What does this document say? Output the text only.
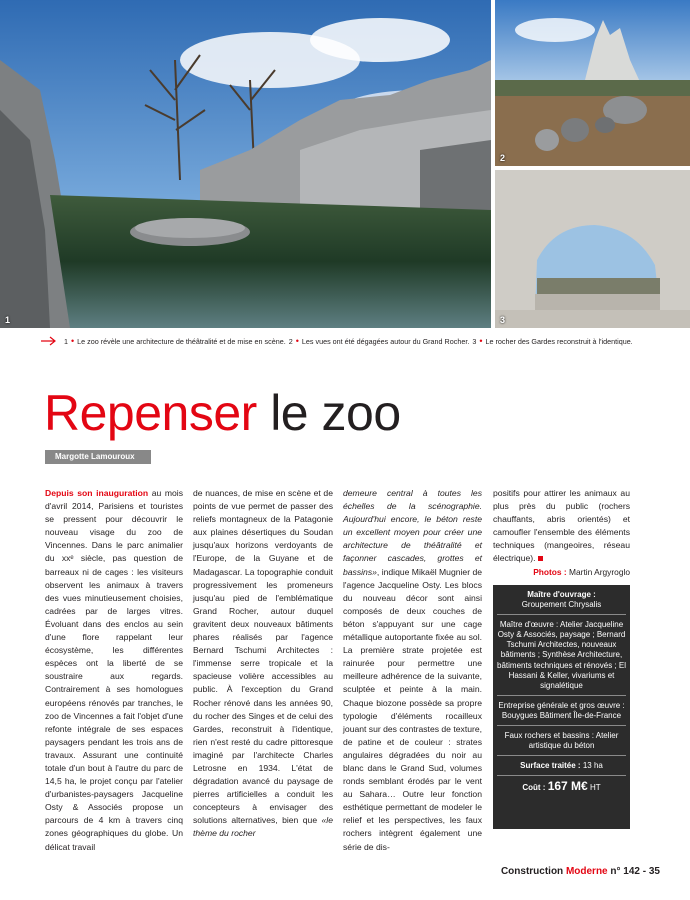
1
2
3
1 • Le zoo révèle une architecture de théâtralité et de mise en scène. 2 • Les vues ont été dégagées autour du Grand Rocher. 3 • Le rocher des Gardes reconstruit à l'identique.
Repenser le zoo
Margotte Lamouroux

Depuis son inauguration au mois d'avril 2014, Parisiens et touristes se pressent pour découvrir le nouveau visage du zoo de Vincennes. Dans le parc animalier du xxᵉ siècle, pas question de barreaux ni de cages : les visiteurs observent les animaux à travers des vues minutieusement choisies, cadrées par de larges vitres. Évoluant dans des enclos au sein d'une flore rappelant leur écosystème, les différentes espèces ont la liberté de se soustraire aux regards. Contrairement à ses homologues européens rénovés par tranches, le zoo de Vincennes a fait l'objet d'une refonte intégrale de ses espaces paysagers pendant les trois ans de travaux. Assurant une continuité totale d'un bout à l'autre du parc de 14,5 ha, le projet conçu par l'atelier d'urbanistes-paysagers Jacqueline Osty & Associés propose un parcours de 4 km à travers cinq zones géographiques du globe. Un délicat travail

de nuances, de mise en scène et de points de vue permet de passer des reliefs montagneux de la Patagonie aux plaines désertiques du Soudan jusqu'aux horizons verdoyants de l'Europe, de la Guyane et de Madagascar. La topographie conduit progressivement les promeneurs jusqu'au pied de l'emblématique Grand Rocher, autour duquel gravitent deux nouveaux bâtiments phares réalisés par l'agence Bernard Tschumi Architectes : l'immense serre tropicale et la spacieuse volière accessibles au public. À l'exception du Grand Rocher rénové dans les années 90, du rocher des Singes et de celui des Gardes, reconstruit à l'identique, rien n'est resté du cadre pittoresque imaginé par l'architecte Charles Letrosne en 1934. L'état de dégradation avancé du paysage de pierres artificielles a conduit les concepteurs à envisager des solutions alternatives, bien que «le thème du rocher

demeure central à toutes les échelles de la scénographie. Aujourd'hui encore, le béton reste un excellent moyen pour créer une architecture de théâtralité et façonner cascades, grottes et bassins», indique Mikaël Mugnier de l'agence Jacqueline Osty. Les blocs du nouveau décor sont ainsi composés de deux couches de béton s'appuyant sur une cage métallique autoportante fixée au sol. La première strate projetée est rainurée pour permettre une meilleure adhérence de la suivante, sculptée et peinte à la main. Chaque biozone possède sa propre typologie d'éléments rocailleux jouant sur des contrastes de texture, de patine et de couleur : strates angulaires dégradées du noir au blanc dans le Grand Sud, volumes ronds semblant érodés par le vent au Sahara… Outre leur fonction esthétique permettant de modeler le relief et les perspectives, les faux rochers intègrent également une série de dis-

positifs pour attirer les animaux au plus près du public (rochers chauffants, abris orientés) et camoufler l'ensemble des éléments techniques (mangeoires, réseau électrique).

Photos : Martin Argyroglo

Maître d'ouvrage :
Groupement Chrysalis
Maître d'œuvre : Atelier Jacqueline Osty & Associés, paysage ; Bernard Tschumi Architectes, nouveaux bâtiments ; Synthèse Architecture, bâtiments techniques et rénovés ; El Hassani & Keller, vivariums et signalétique
Entreprise générale et gros œuvre : Bouygues Bâtiment Île-de-France
Faux rochers et bassins : Atelier artistique du béton
Surface traitée : 13 ha
Coût : 167 M€ HT
Construction Moderne n° 142 - 35
